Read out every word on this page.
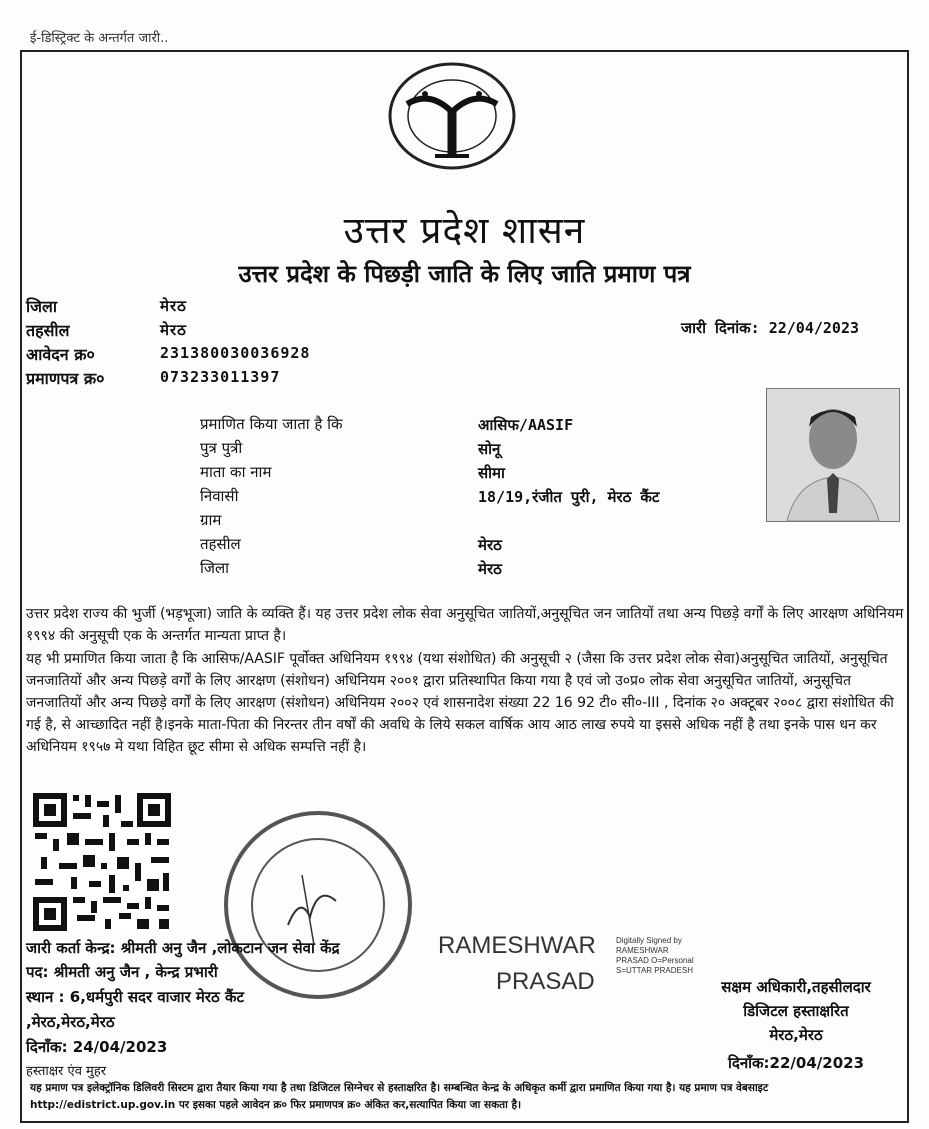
ई-डिस्ट्रिक्ट के अन्तर्गत जारी..
उत्तर प्रदेश शासन
उत्तर प्रदेश के पिछड़ी जाति के लिए जाति प्रमाण पत्र
जिला	मेरठ
तहसील	मेरठ
आवेदन क्र०	231380030036928
प्रमाणपत्र क्र०	073233011397
जारी दिनांक: 22/04/2023
प्रमाणित किया जाता है कि	आसिफ/AASIF
पुत्र पुत्री	सोनू
माता का नाम	सीमा
निवासी	18/19,रंजीत पुरी, मेरठ कैंट
ग्राम
तहसील	मेरठ
जिला	मेरठ

उत्तर प्रदेश राज्य की भुर्जी (भड़भूजा) जाति के व्यक्ति हैं। यह उत्तर प्रदेश लोक सेवा अनुसूचित जातियों,अनुसूचित जन जातियों तथा अन्य पिछड़े वर्गों के लिए आरक्षण अधिनियम १९९४ की अनुसूची एक के अन्तर्गत मान्यता प्राप्त है।

यह भी प्रमाणित किया जाता है कि आसिफ/AASIF पूर्वोक्त अधिनियम १९९४ (यथा संशोधित) की अनुसूची २ (जैसा कि उत्तर प्रदेश लोक सेवा)अनुसूचित जातियों, अनुसूचित जनजातियों और अन्य पिछड़े वर्गों के लिए आरक्षण (संशोधन) अधिनियम २००१ द्वारा प्रतिस्थापित किया गया है एवं जो उ०प्र० लोक सेवा अनुसूचित जातियों, अनुसूचित जनजातियों और अन्य पिछड़े वर्गों के लिए आरक्षण (संशोधन) अधिनियम २००२ एवं शासनादेश संख्या 22 16 92 टी० सी०-III , दिनांक २० अक्टूबर २००८ द्वारा संशोधित की गई है, से आच्छादित नहीं है।इनके माता-पिता की निरन्तर तीन वर्षों की अवधि के लिये सकल वार्षिक आय आठ लाख रुपये या इससे अधिक नहीं है तथा इनके पास धन कर अधिनियम १९५७ मे यथा विहित छूट सीमा से अधिक सम्पत्ति नहीं है।

जारी कर्ता केन्द्र: श्रीमती अनु जैन ,लोकटान जन सेवा केंद्र
पद: श्रीमती अनु जैन , केन्द्र प्रभारी
स्थान : 6,धर्मपुरी सदर वाजार मेरठ कैंट
,मेरठ,मेरठ,मेरठ
दिनाँक: 24/04/2023
हस्ताक्षर एंव मुहर
RAMESHWAR
PRASAD
Digitally Signed by RAMESHWAR PRASAD O=Personal S=UTTAR PRADESH
सक्षम अधिकारी,तहसीलदार
डिजिटल हस्ताक्षरित
मेरठ,मेरठ
दिनाँक:22/04/2023
यह प्रमाण पत्र इलेक्ट्रॉनिक डिलिवरी सिस्टम द्वारा तैयार किया गया है तथा डिजिटल सिग्नेचर से हस्ताक्षरित है। सम्बन्धित केन्द्र के अधिकृत कर्मी द्वारा प्रमाणित किया गया है। यह प्रमाण पत्र वेबसाइट http://edistrict.up.gov.in पर इसका पहले आवेदन क्र० फिर प्रमाणपत्र क्र० अंकित कर,सत्यापित किया जा सकता है।
